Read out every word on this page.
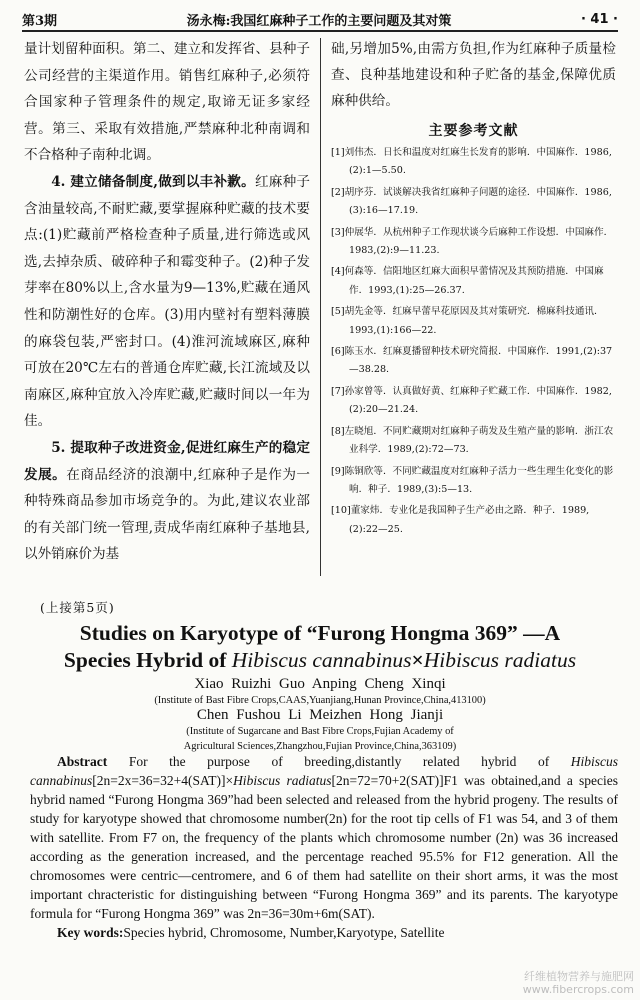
第3期	汤永梅:我国红麻种子工作的主要问题及其对策	· 41 ·

量计划留种面积。第二、建立和发挥省、县种子公司经营的主渠道作用。销售红麻种子,必须符合国家种子管理条件的规定,取谛无证多家经营。第三、采取有效措施,严禁麻种北种南调和不合格种子南种北调。

4. 建立储备制度,做到以丰补歉。红麻种子含油量较高,不耐贮藏,要掌握麻种贮藏的技术要点:(1)贮藏前严格检查种子质量,进行筛选或风选,去掉杂质、破碎种子和霉变种子。(2)种子发芽率在80%以上,含水量为9—13%,贮藏在通风性和防潮性好的仓库。(3)用内壁衬有塑料薄膜的麻袋包装,严密封口。(4)淮河流域麻区,麻种可放在20℃左右的普通仓库贮藏,长江流域及以南麻区,麻种宜放入冷库贮藏,贮藏时间以一年为佳。

5. 提取种子改进资金,促进红麻生产的稳定发展。在商品经济的浪潮中,红麻种子是作为一种特殊商品参加市场竞争的。为此,建议农业部的有关部门统一管理,责成华南红麻种子基地县,以外销麻价为基

础,另增加5%,由需方负担,作为红麻种子质量检查、良种基地建设和种子贮备的基金,保障优质麻种供给。

主要参考文献

[1]刘伟杰．日长和温度对红麻生长发育的影响．中国麻作．1986,(2):1—5.50.

[2]胡序芬．试谈解决我省红麻种子问题的途径．中国麻作．1986,(3):16—17.19.

[3]仲展华．从杭州种子工作现状谈今后麻种工作设想．中国麻作．1983,(2):9—11.23.

[4]何森等．信阳地区红麻大面积早蕾情况及其预防措施．中国麻作．1993,(1):25—26.37.

[5]胡先金等．红麻早蕾早花原因及其对策研究．棉麻科技通讯．1993,(1):166—22.

[6]陈玉水．红麻夏播留种技术研究简报．中国麻作．1991,(2):37—38.28.

[7]孙家曾等．认真做好黄、红麻种子贮藏工作．中国麻作．1982,(2):20—21.24.

[8]左晓旭．不同贮藏期对红麻种子萌发及生殖产量的影响．浙江农业科学．1989,(2):72—73.

[9]陈铜欣等．不同贮藏温度对红麻种子活力一些生理生化变化的影响．种子．1989,(3):5—13.

[10]董家炜．专业化是我国种子生产必由之路．种子．1989,(2):22—25.

(上接第5页)
Studies on Karyotype of “Furong Hongma 369” —A
Species Hybrid of Hibiscus cannabinus×Hibiscus radiatus
Xiao Ruizhi Guo Anping Cheng Xinqi
(Institute of Bast Fibre Crops,CAAS,Yuanjiang,Hunan Province,China,413100)
Chen Fushou Li Meizhen Hong Jianji
(Institute of Sugarcane and Bast Fibre Crops,Fujian Academy of
Agricultural Sciences,Zhangzhou,Fujian Province,China,363109)

Abstract For the purpose of breeding,distantly related hybrid of Hibiscus cannabinus[2n=2x=36=32+4(SAT)]×Hibiscus radiatus[2n=72=70+2(SAT)]F1 was obtained,and a species hybrid named “Furong Hongma 369”had been selected and released from the hybrid progeny. The results of study for karyotype showed that chromosome number(2n) for the root tip cells of F1 was 54, and 3 of them with satellite. From F7 on, the frequency of the plants which chromosome number (2n) was 36 increased according as the generation increased, and the percentage reached 95.5% for F12 generation. All the chromosomes were centric—centromere, and 6 of them had satellite on their short arms, it was the most important chracteristic for distinguishing between “Furong Hongma 369” and its parents. The karyotype formula for “Furong Hongma 369” was 2n=36=30m+6m(SAT).

Key words:Species hybrid, Chromosome, Number,Karyotype, Satellite

纤维植物营养与施肥网
www.fibercrops.com
